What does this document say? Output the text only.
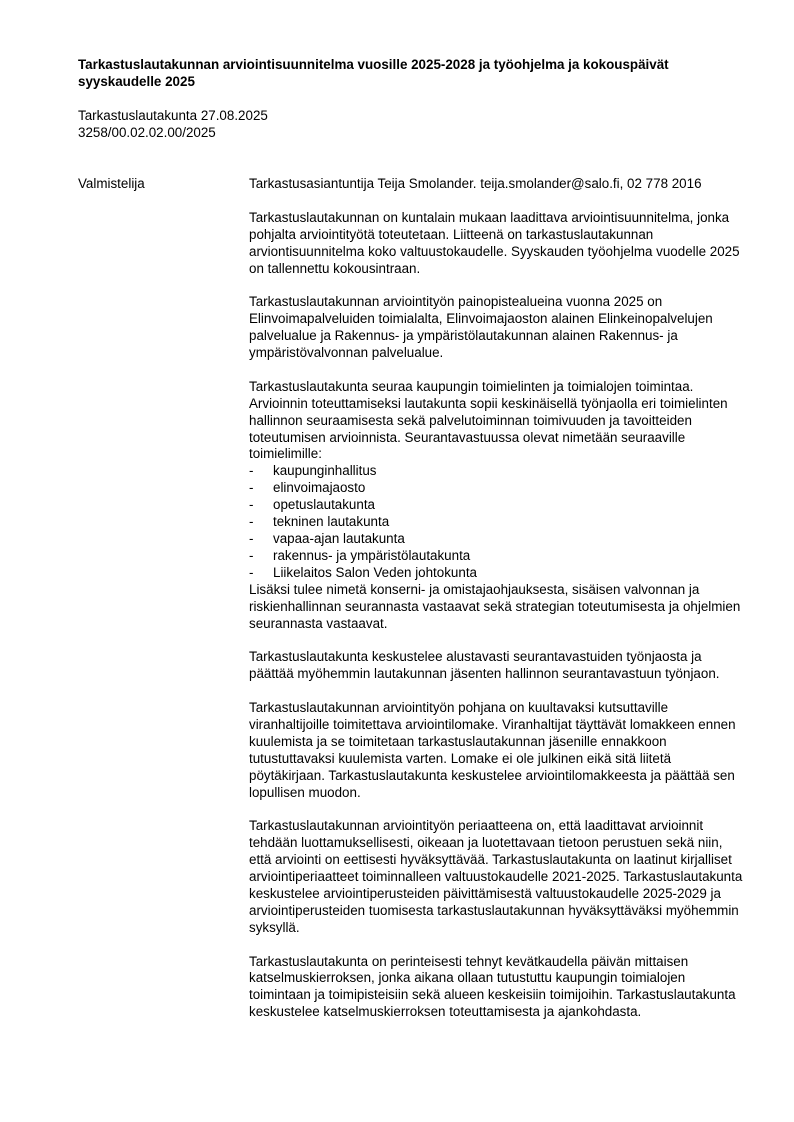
Tarkastuslautakunnan arviointisuunnitelma vuosille 2025-2028 ja työohjelma ja kokouspäivät syyskaudelle 2025
Tarkastuslautakunta 27.08.2025
3258/00.02.02.00/2025
Valmistelija	Tarkastusasiantuntija Teija Smolander. teija.smolander@salo.fi, 02 778 2016

Tarkastuslautakunnan on kuntalain mukaan laadittava arviointisuunnitelma, jonka pohjalta arviointityötä toteutetaan. Liitteenä on tarkastuslautakunnan arviontisuunnitelma koko valtuustokaudelle. Syyskauden työohjelma vuodelle 2025 on tallennettu kokousintraan.

Tarkastuslautakunnan arviointityön painopistealueina vuonna 2025 on Elinvoimapalveluiden toimialalta, Elinvoimajaoston alainen Elinkeinopalvelujen palvelualue ja Rakennus- ja ympäristölautakunnan alainen Rakennus- ja ympäristövalvonnan palvelualue.

Tarkastuslautakunta seuraa kaupungin toimielinten ja toimialojen toimintaa. Arvioinnin toteuttamiseksi lautakunta sopii keskinäisellä työnjaolla eri toimielinten hallinnon seuraamisesta sekä palvelutoiminnan toimivuuden ja tavoitteiden toteutumisen arvioinnista. Seurantavastuussa olevat nimetään seuraaville toimielimille:

- kaupunginhallitus
- elinvoimajaosto
- opetuslautakunta
- tekninen lautakunta
- vapaa-ajan lautakunta
- rakennus- ja ympäristölautakunta
- Liikelaitos Salon Veden johtokunta

Lisäksi tulee nimetä konserni- ja omistajaohjauksesta, sisäisen valvonnan ja riskienhallinnan seurannasta vastaavat sekä strategian toteutumisesta ja ohjelmien seurannasta vastaavat.

Tarkastuslautakunta keskustelee alustavasti seurantavastuiden työnjaosta ja päättää myöhemmin lautakunnan jäsenten hallinnon seurantavastuun työnjaon.

Tarkastuslautakunnan arviointityön pohjana on kuultavaksi kutsuttaville viranhaltijoille toimitettava arviointilomake. Viranhaltijat täyttävät lomakkeen ennen kuulemista ja se toimitetaan tarkastuslautakunnan jäsenille ennakkoon tutustuttavaksi kuulemista varten. Lomake ei ole julkinen eikä sitä liitetä pöytäkirjaan. Tarkastuslautakunta keskustelee arviointilomakkeesta ja päättää sen lopullisen muodon.

Tarkastuslautakunnan arviointityön periaatteena on, että laadittavat arvioinnit tehdään luottamuksellisesti, oikeaan ja luotettavaan tietoon perustuen sekä niin, että arviointi on eettisesti hyväksyttävää. Tarkastuslautakunta on laatinut kirjalliset arviointiperiaatteet toiminnalleen valtuustokaudelle 2021-2025. Tarkastuslautakunta keskustelee arviointiperusteiden päivittämisestä valtuustokaudelle 2025-2029 ja arviointiperusteiden tuomisesta tarkastuslautakunnan hyväksyttäväksi myöhemmin syksyllä.

Tarkastuslautakunta on perinteisesti tehnyt kevätkaudella päivän mittaisen katselmuskierroksen, jonka aikana ollaan tutustuttu kaupungin toimialojen toimintaan ja toimipisteisiin sekä alueen keskeisiin toimijoihin. Tarkastuslautakunta keskustelee katselmuskierroksen toteuttamisesta ja ajankohdasta.
